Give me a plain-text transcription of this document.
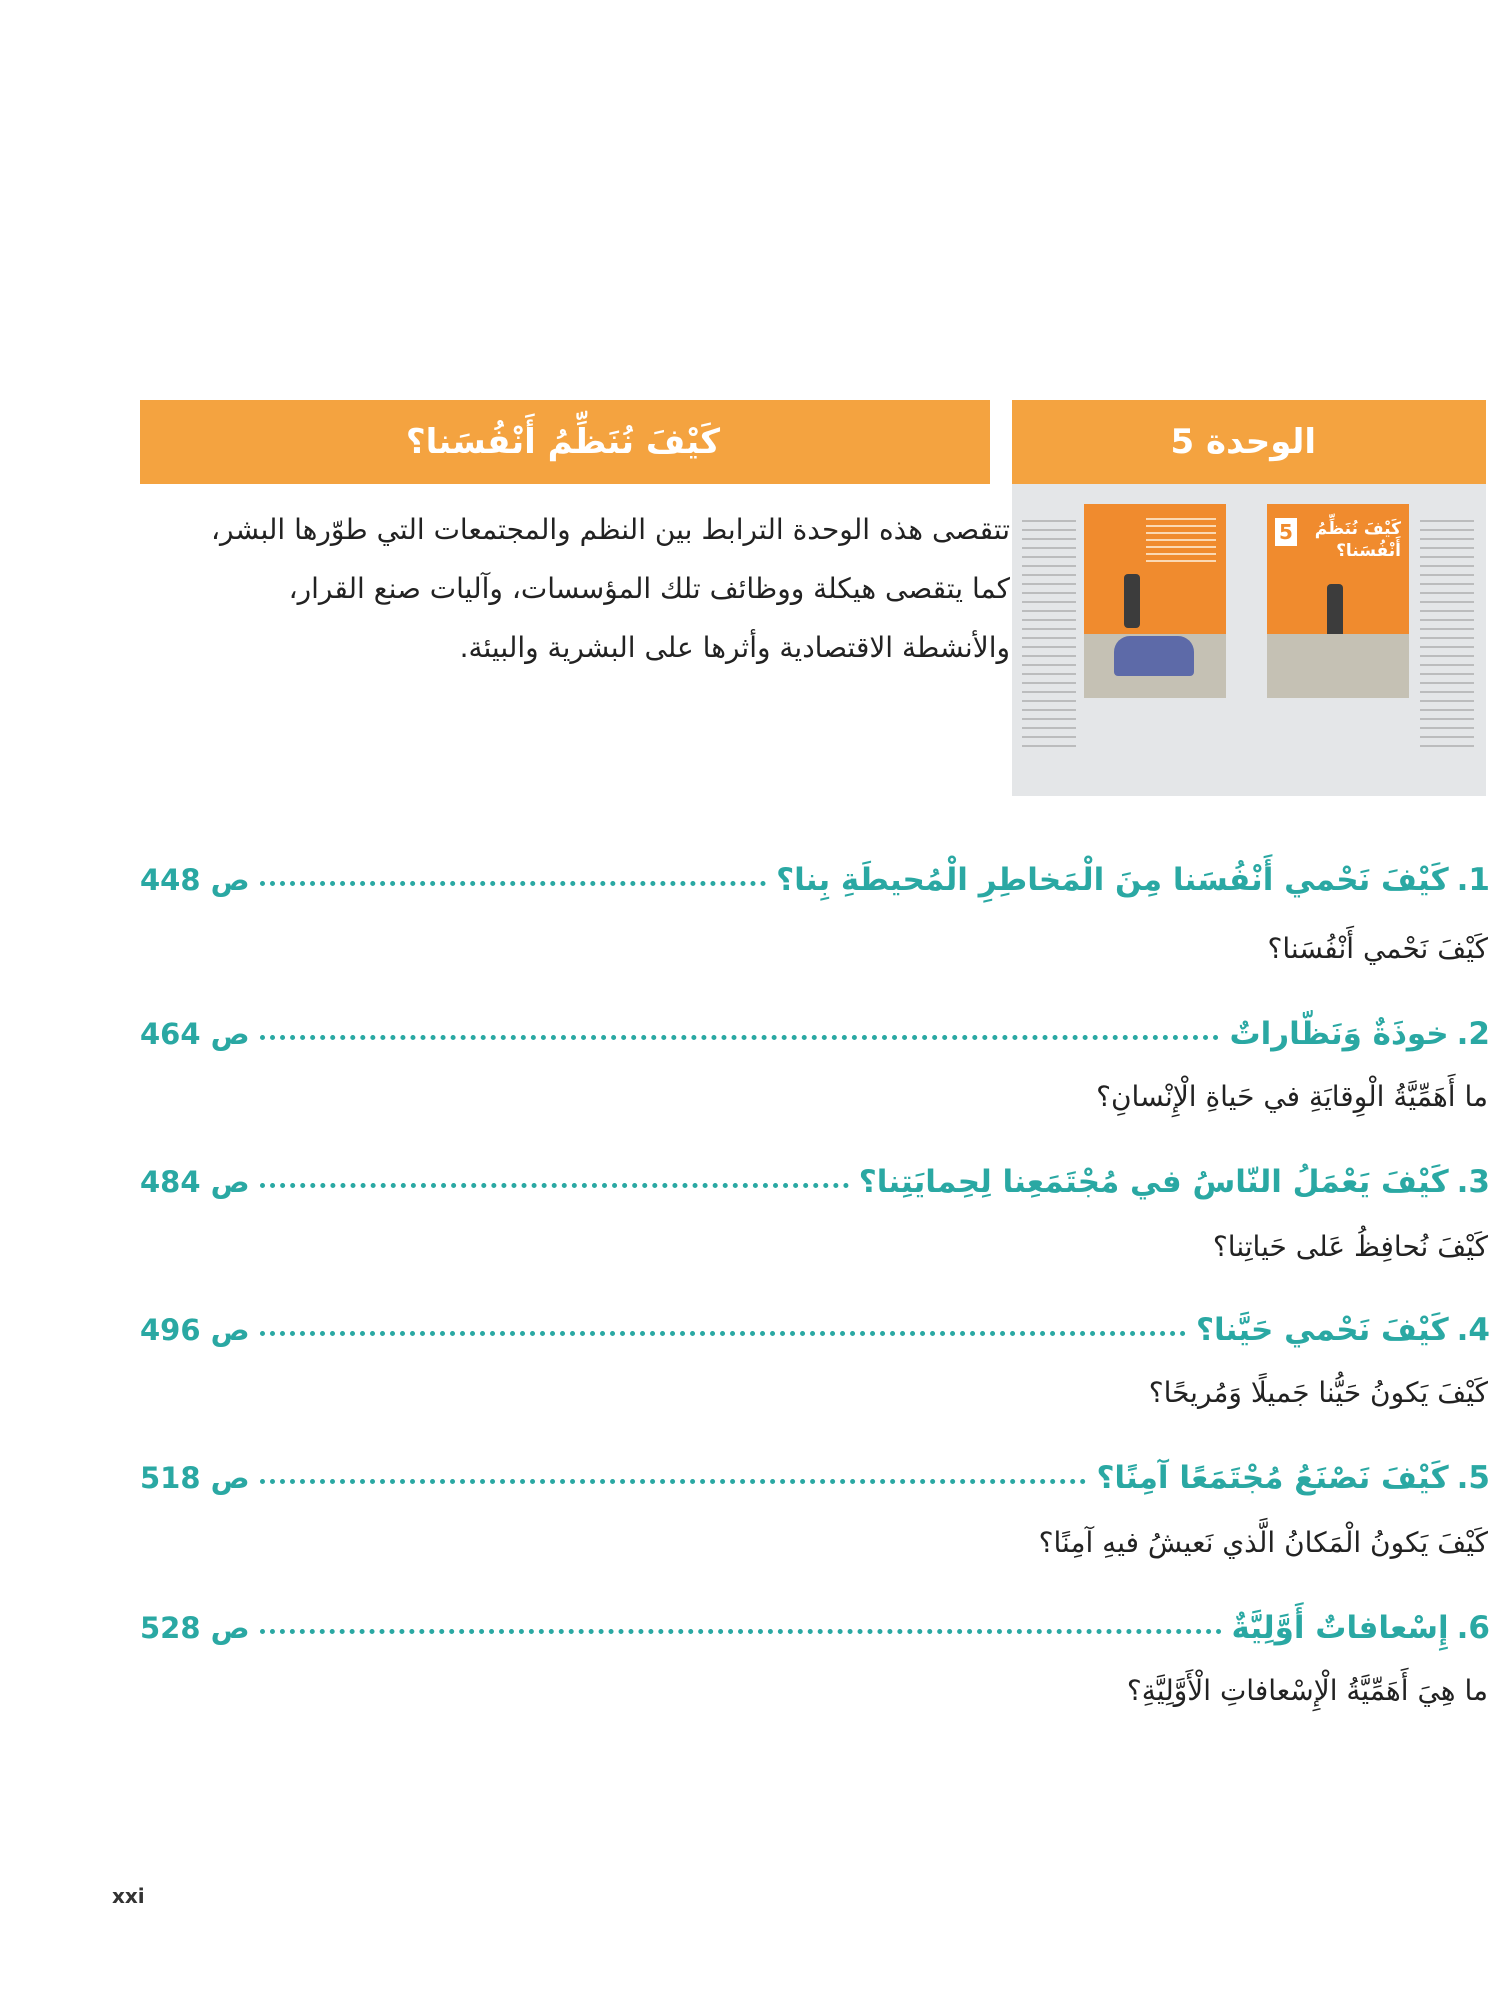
كَيْفَ نُنَظِّمُ أَنْفُسَنا؟	الوحدة 5
تتقصى هذه الوحدة الترابط بين النظم والمجتمعات التي طوّرها البشر، كما يتقصى هيكلة ووظائف تلك المؤسسات، وآليات صنع القرار، والأنشطة الاقتصادية وأثرها على البشرية والبيئة.
5	كَيْفَ نُنَظِّمُ أَنْفُسَنا؟
1.
كَيْفَ نَحْمي أَنْفُسَنا مِنَ الْمَخاطِرِ الْمُحيطَةِ بِنا؟
ص 448
كَيْفَ نَحْمي أَنْفُسَنا؟
2.
خوذَةٌ وَنَظّاراتٌ
ص 464
ما أَهَمِّيَّةُ الْوِقايَةِ في حَياةِ الْإِنْسانِ؟
3.
كَيْفَ يَعْمَلُ النّاسُ في مُجْتَمَعِنا لِحِمايَتِنا؟
ص 484
كَيْفَ نُحافِظُ عَلى حَياتِنا؟
4.
كَيْفَ نَحْمي حَيَّنا؟
ص 496
كَيْفَ يَكونُ حَيُّنا جَميلًا وَمُريحًا؟
5.
كَيْفَ نَصْنَعُ مُجْتَمَعًا آمِنًا؟
ص 518
كَيْفَ يَكونُ الْمَكانُ الَّذي نَعيشُ فيهِ آمِنًا؟
6.
إِسْعافاتٌ أَوَّلِيَّةٌ
ص 528
ما هِيَ أَهَمِّيَّةُ الْإِسْعافاتِ الْأَوَّلِيَّةِ؟
xxi
